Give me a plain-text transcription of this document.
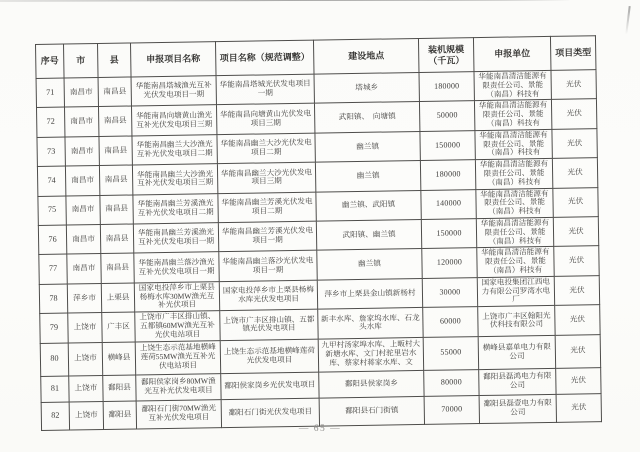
序号	市	县	申报项目名称	项目名称（规范调整）	建设地点	装机规模（千瓦）	申报单位	项目类型
71	南昌市	南昌县	华能南昌塔城渔光互补光伏发电项目一期	华能南昌塔城光伏发电项目一期	塔城乡	180000	华能南昌清洁能源有限责任公司、景能（南昌）科技有	光伏
72	南昌市	南昌县	华能南昌向塘黄山渔光互补光伏发电项目三期	华能南昌向塘黄山光伏发电项目三期	武阳镇、　向塘镇	50000	华能南昌清洁能源有限责任公司、景能（南昌）科技有	光伏
73	南昌市	南昌县	华能南昌幽兰大沙渔光互补光伏发电项目二期	华能南昌幽兰大沙光伏发电项目二期	幽兰镇	150000	华能南昌清洁能源有限责任公司、景能（南昌）科技有	光伏
74	南昌市	南昌县	华能南昌幽兰大沙渔光互补光伏发电项目三期	华能南昌幽兰大沙光伏发电项目三期	幽兰镇	180000	华能南昌清洁能源有限责任公司、景能（南昌）科技有	光伏
75	南昌市	南昌县	华能南昌幽兰芳溪渔光互补光伏发电项目二期	华能南昌幽兰芳溪光伏发电项目二期	幽兰镇、武阳镇	140000	华能南昌清洁能源有限责任公司、景能（南昌）科技有	光伏
76	南昌市	南昌县	华能南昌幽兰芳溪渔光互补光伏发电项目一期	华能南昌幽兰芳溪光伏发电项目一期	武阳镇、幽兰镇	150000	华能南昌清洁能源有限责任公司、景能（南昌）科技有	光伏
77	南昌市	南昌县	华能南昌幽兰落沙渔光互补光伏发电项目一期	华能南昌幽兰落沙光伏发电项目一期	幽兰镇	120000	华能南昌清洁能源有限责任公司、景能（南昌）科技有	光伏
78	萍乡市	上栗县	国家电投萍乡市上栗县杨梅水库30MW渔光互补光伏项目	国家电投萍乡市上栗县杨梅水库光伏发电项目	萍乡市上栗县金山镇新杨村	30000	国家电投集团江西电力有限公司罗湾水电厂	光伏
79	上饶市	广丰区	上饶市广丰区排山镇、五都镇60MW渔光互补光伏电站项目	上饶市广丰区排山镇、五都镇光伏发电项目	新丰水库、詹家坞水库、石龙头水库	60000	上饶市广丰区翰阳光伏科技有限公司	光伏
80	上饶市	横峰县	上饶生态示范基地横峰莲荷55MW渔光互补光伏电站项目	上饶生态示范基地横峰莲荷光伏发电项目	九甲村汤家埠水库、上畈村大新塘水库、文门村驼里岩水库、蔡家村蒋家水库、文	55000	横峰县嘉单电力有限公司	光伏
81	上饶市	鄱阳县	鄱阳侯家岗乡80MW渔光互补光伏发电项目	鄱阳侯家岗乡光伏发电项目	鄱阳县侯家岗乡	80000	鄱阳县磊鸿电力有限公司	光伏
82	上饶市	鄱阳县	鄱阳石门街70MW渔光互补光伏发电项目	鄱阳石门街光伏发电项目	鄱阳县石门街镇	70000	鄱阳县磊壹电力有限公司	光伏
— 65 —
